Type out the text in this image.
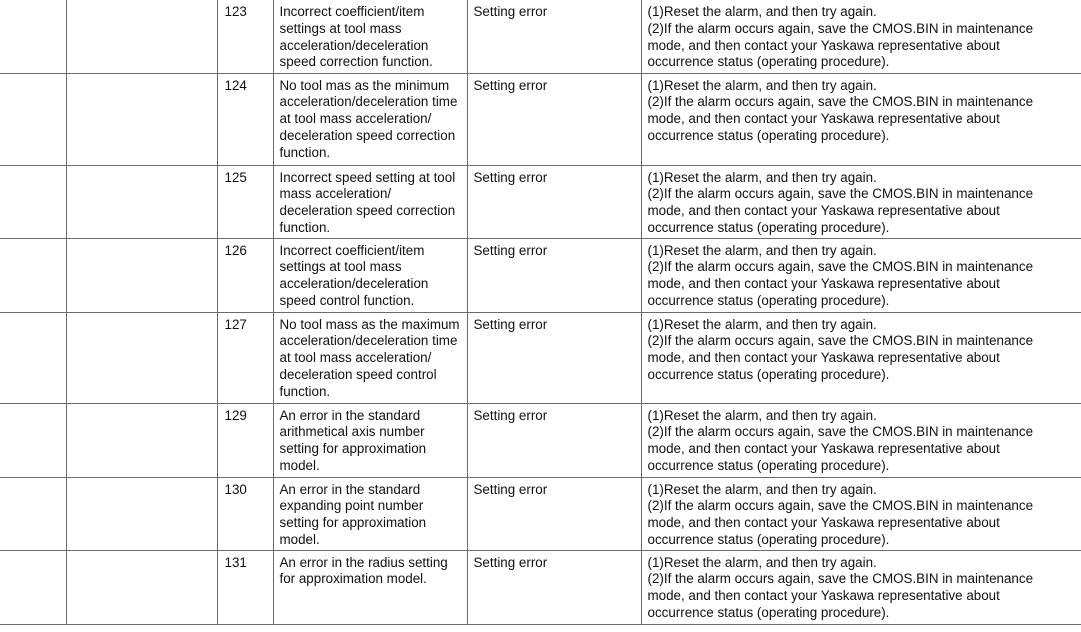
		123	Incorrect coefficient/item settings at tool mass acceleration/deceleration speed correction function.	Setting error	(1)Reset the alarm, and then try again.
(2)If the alarm occurs again, save the CMOS.BIN in maintenance
mode, and then contact your Yaskawa representative about
occurrence status (operating procedure).

		124	No tool mas as the minimum acceleration/deceleration time at tool mass acceleration/ deceleration speed correction function.	Setting error	(1)Reset the alarm, and then try again.
(2)If the alarm occurs again, save the CMOS.BIN in maintenance
mode, and then contact your Yaskawa representative about
occurrence status (operating procedure).

		125	Incorrect speed setting at tool mass acceleration/ deceleration speed correction function.	Setting error	(1)Reset the alarm, and then try again.
(2)If the alarm occurs again, save the CMOS.BIN in maintenance
mode, and then contact your Yaskawa representative about
occurrence status (operating procedure).

		126	Incorrect coefficient/item settings at tool mass acceleration/deceleration speed control function.	Setting error	(1)Reset the alarm, and then try again.
(2)If the alarm occurs again, save the CMOS.BIN in maintenance
mode, and then contact your Yaskawa representative about
occurrence status (operating procedure).

		127	No tool mass as the maximum acceleration/deceleration time at tool mass acceleration/ deceleration speed control function.	Setting error	(1)Reset the alarm, and then try again.
(2)If the alarm occurs again, save the CMOS.BIN in maintenance
mode, and then contact your Yaskawa representative about
occurrence status (operating procedure).

		129	An error in the standard arithmetical axis number setting for approximation model.	Setting error	(1)Reset the alarm, and then try again.
(2)If the alarm occurs again, save the CMOS.BIN in maintenance
mode, and then contact your Yaskawa representative about
occurrence status (operating procedure).

		130	An error in the standard expanding point number setting for approximation model.	Setting error	(1)Reset the alarm, and then try again.
(2)If the alarm occurs again, save the CMOS.BIN in maintenance
mode, and then contact your Yaskawa representative about
occurrence status (operating procedure).

		131	An error in the radius setting for approximation model.	Setting error	(1)Reset the alarm, and then try again.
(2)If the alarm occurs again, save the CMOS.BIN in maintenance
mode, and then contact your Yaskawa representative about
occurrence status (operating procedure).
